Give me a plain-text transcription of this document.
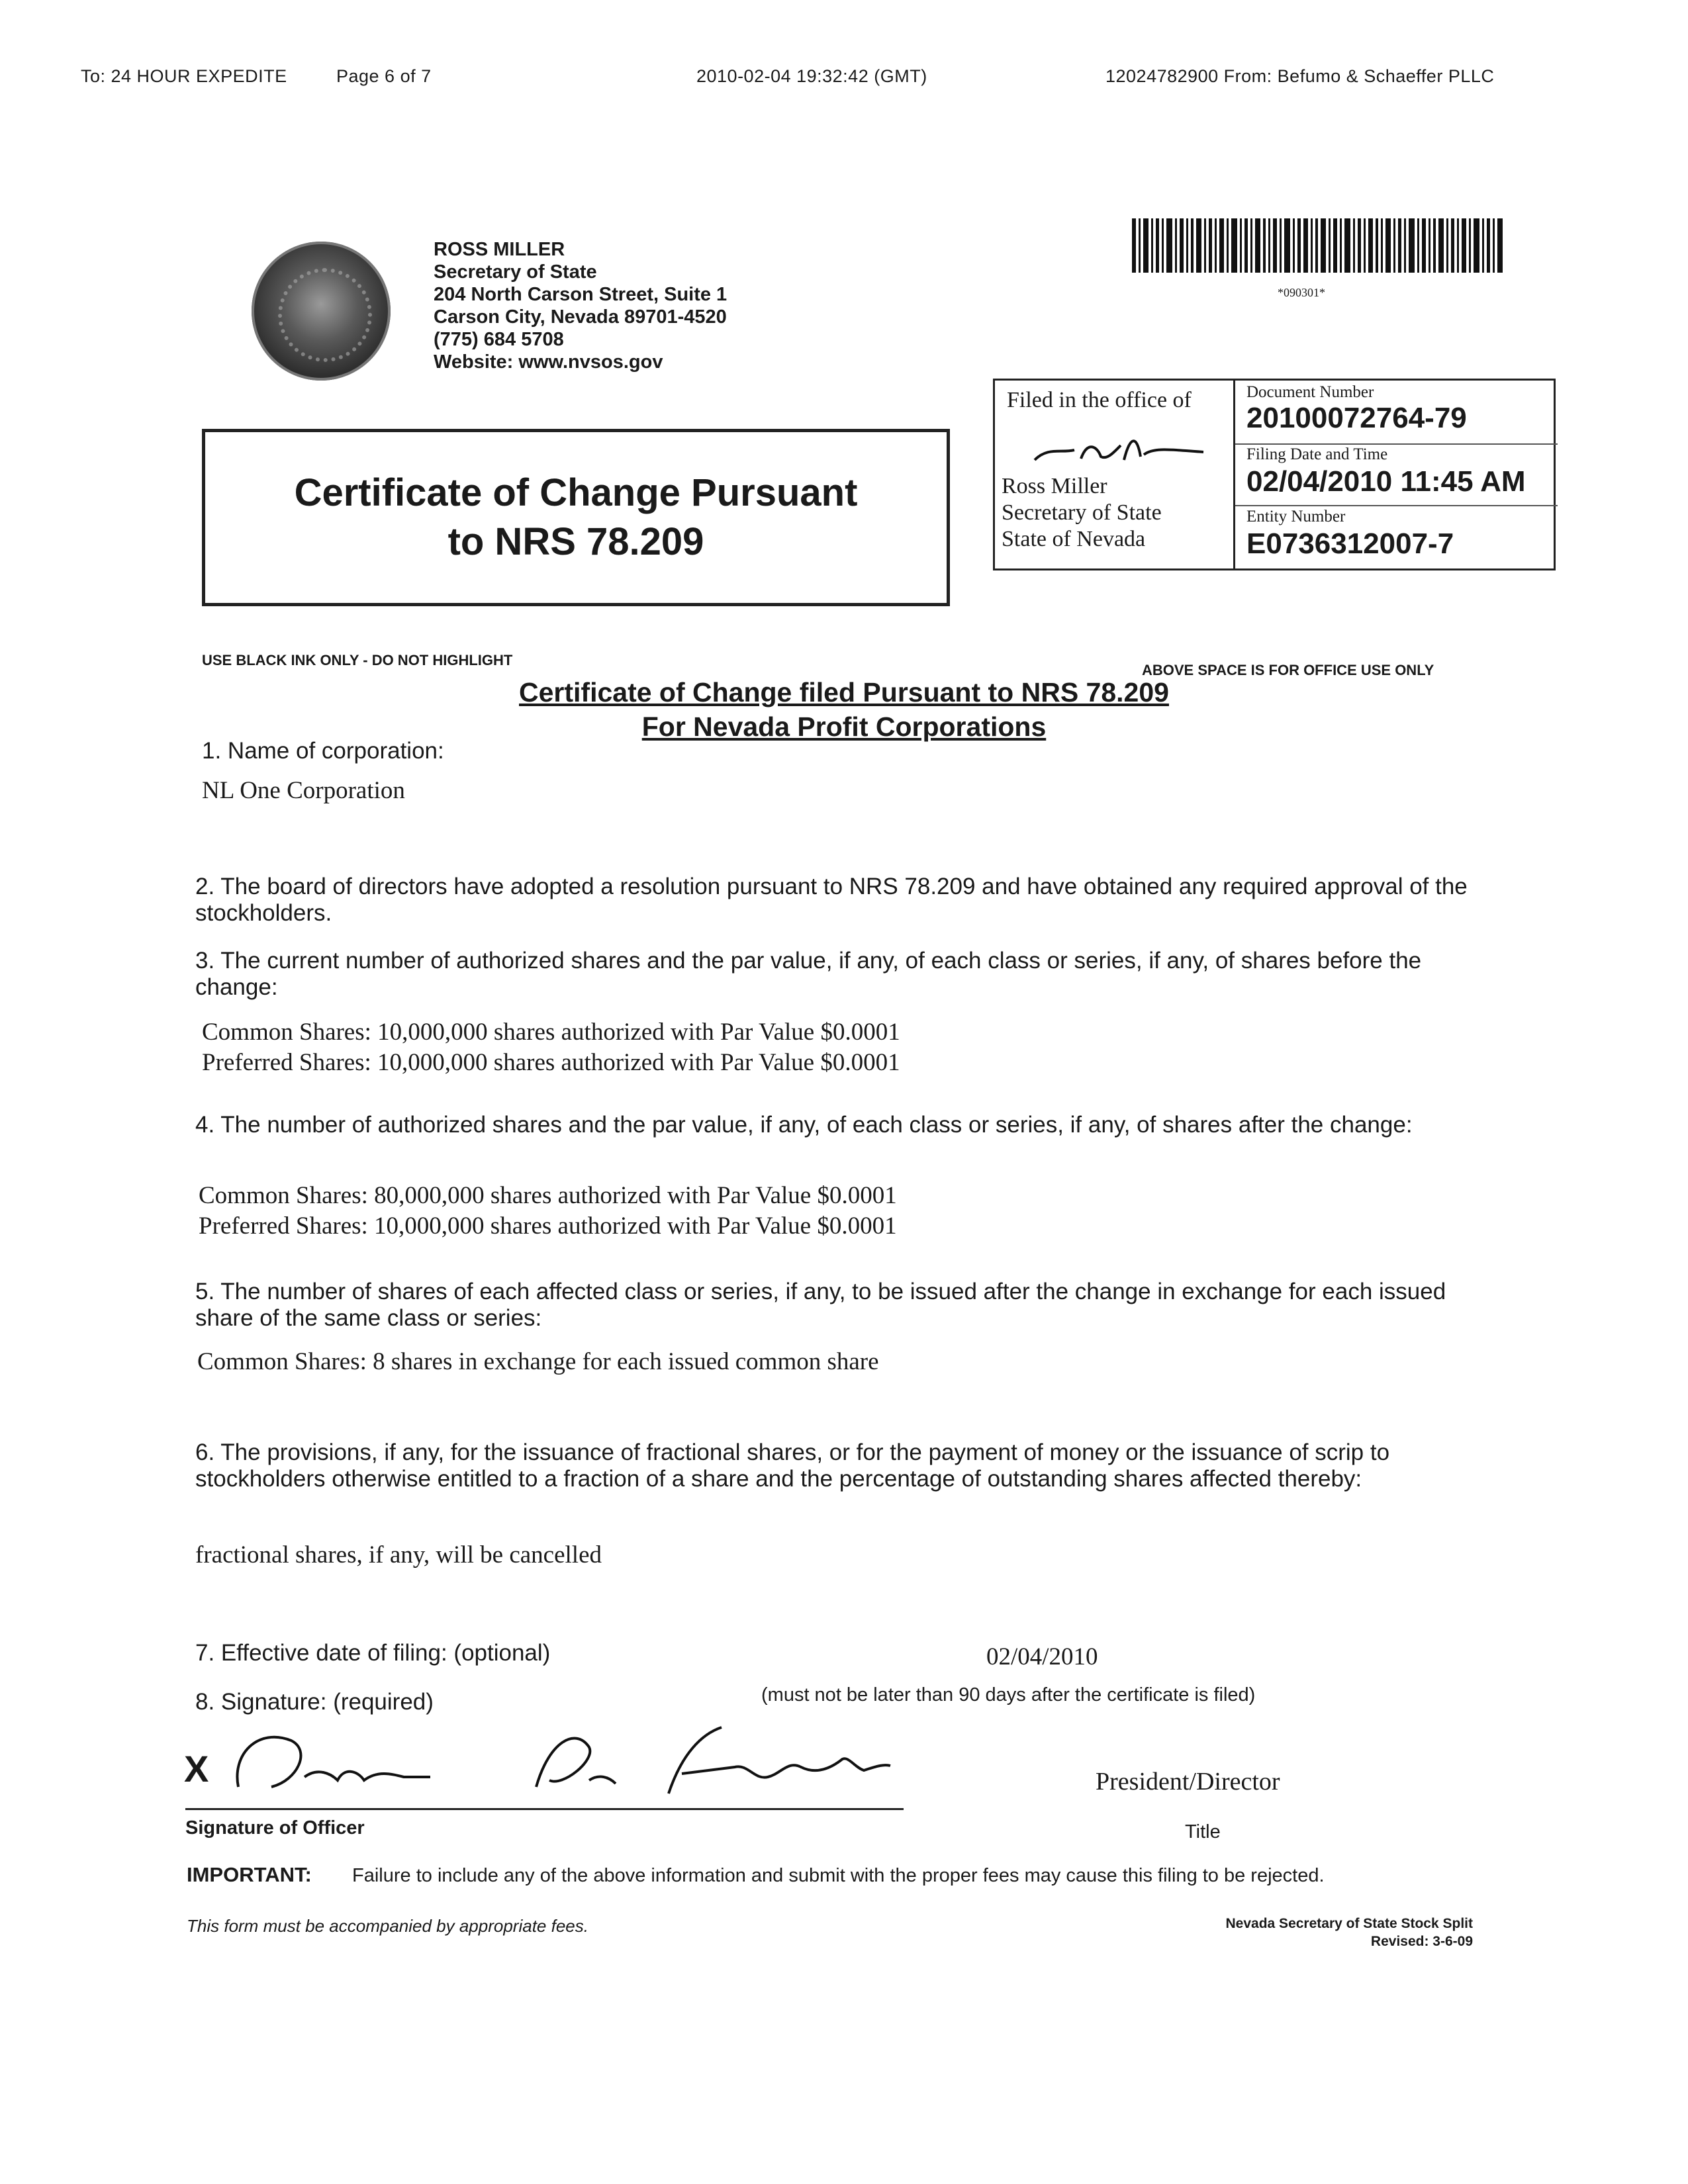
To: 24 HOUR EXPEDITE	Page 6 of 7	2010-02-04 19:32:42 (GMT)	12024782900 From: Befumo & Schaeffer PLLC
ROSS MILLER
Secretary of State
204 North Carson Street, Suite 1
Carson City, Nevada 89701-4520
(775) 684 5708
Website: www.nvsos.gov
*090301*
Certificate of Change Pursuant
to NRS 78.209
Filed in the office of
Ross Miller
Secretary of State
State of Nevada
Document Number
20100072764-79
Filing Date and Time
02/04/2010 11:45 AM
Entity Number
E0736312007-7
USE BLACK INK ONLY - DO NOT HIGHLIGHT
ABOVE SPACE IS FOR OFFICE USE ONLY
Certificate of Change filed Pursuant to NRS 78.209
For Nevada Profit Corporations
1. Name of corporation:
NL One Corporation
2. The board of directors have adopted a resolution pursuant to NRS 78.209 and have obtained any required approval of the stockholders.
3. The current number of authorized shares and the par value, if any, of each class or series, if any, of shares before the change:
Common Shares: 10,000,000 shares authorized with Par Value $0.0001
Preferred Shares: 10,000,000 shares authorized with Par Value $0.0001
4. The number of authorized shares and the par value, if any, of each class or series, if any, of shares after the change:
Common Shares: 80,000,000 shares authorized with Par Value $0.0001
Preferred Shares: 10,000,000 shares authorized with Par Value $0.0001
5. The number of shares of each affected class or series, if any, to be issued after the change in exchange for each issued share of the same class or series:
Common Shares: 8 shares in exchange for each issued common share
6. The provisions, if any, for the issuance of fractional shares, or for the payment of money or the issuance of scrip to stockholders otherwise entitled to a fraction of a share and the percentage of outstanding shares affected thereby:
fractional shares, if any, will be cancelled
7. Effective date of filing: (optional)	02/04/2010
(must not be later than 90 days after the certificate is filed)
8. Signature: (required)
X
Signature of Officer
President/Director
Title
IMPORTANT: Failure to include any of the above information and submit with the proper fees may cause this filing to be rejected.
This form must be accompanied by appropriate fees.	Nevada Secretary of State Stock Split
Revised: 3-6-09
